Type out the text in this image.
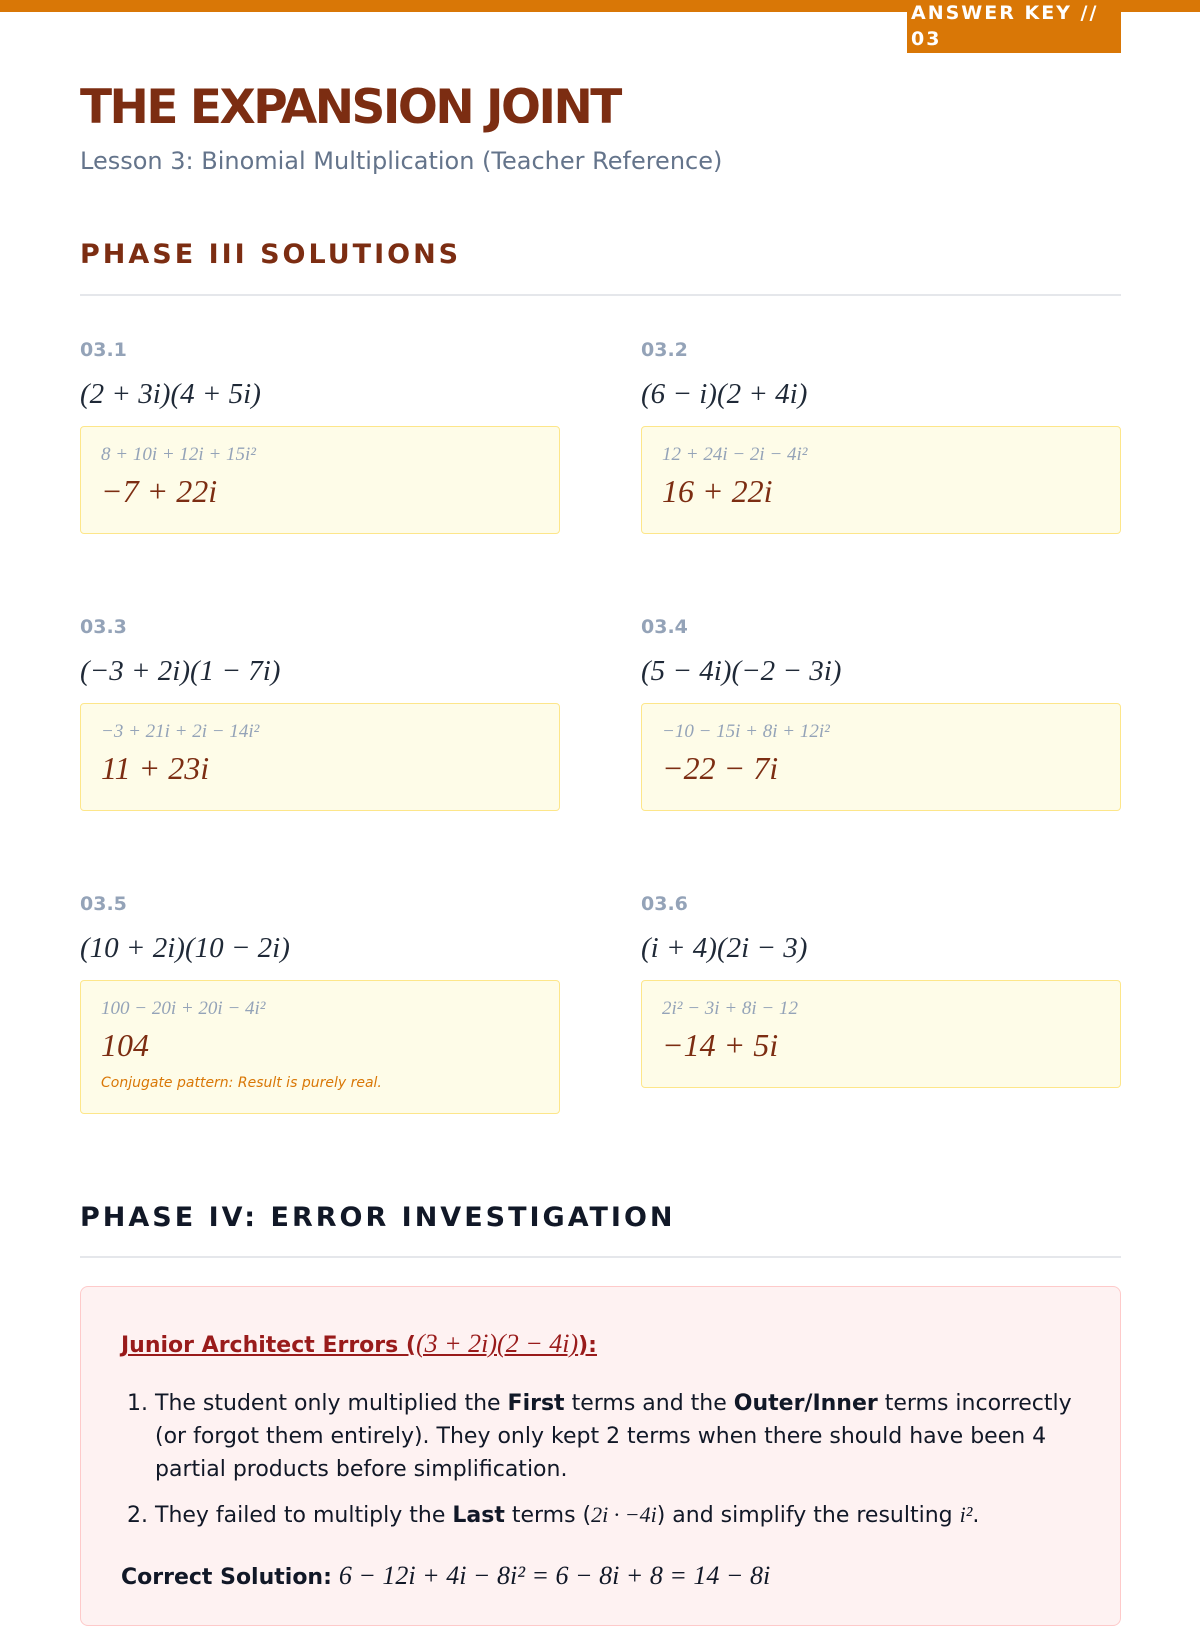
ANSWER KEY // 03
THE EXPANSION JOINT
Lesson 3: Binomial Multiplication (Teacher Reference)
PHASE III SOLUTIONS
03.1
(2 + 3i)(4 + 5i)
8 + 10i + 12i + 15i²
−7 + 22i
03.2
(6 − i)(2 + 4i)
12 + 24i − 2i − 4i²
16 + 22i
03.3
(−3 + 2i)(1 − 7i)
−3 + 21i + 2i − 14i²
11 + 23i
03.4
(5 − 4i)(−2 − 3i)
−10 − 15i + 8i + 12i²
−22 − 7i
03.5
(10 + 2i)(10 − 2i)
100 − 20i + 20i − 4i²
104
Conjugate pattern: Result is purely real.
03.6
(i + 4)(2i − 3)
2i² − 3i + 8i − 12
−14 + 5i
PHASE IV: ERROR INVESTIGATION
Junior Architect Errors ((3 + 2i)(2 − 4i)):
1. The student only multiplied the First terms and the Outer/Inner terms incorrectly (or forgot them entirely). They only kept 2 terms when there should have been 4 partial products before simplification.
2. They failed to multiply the Last terms (2i · −4i) and simplify the resulting i².
Correct Solution: 6 − 12i + 4i − 8i² = 6 − 8i + 8 = 14 − 8i
